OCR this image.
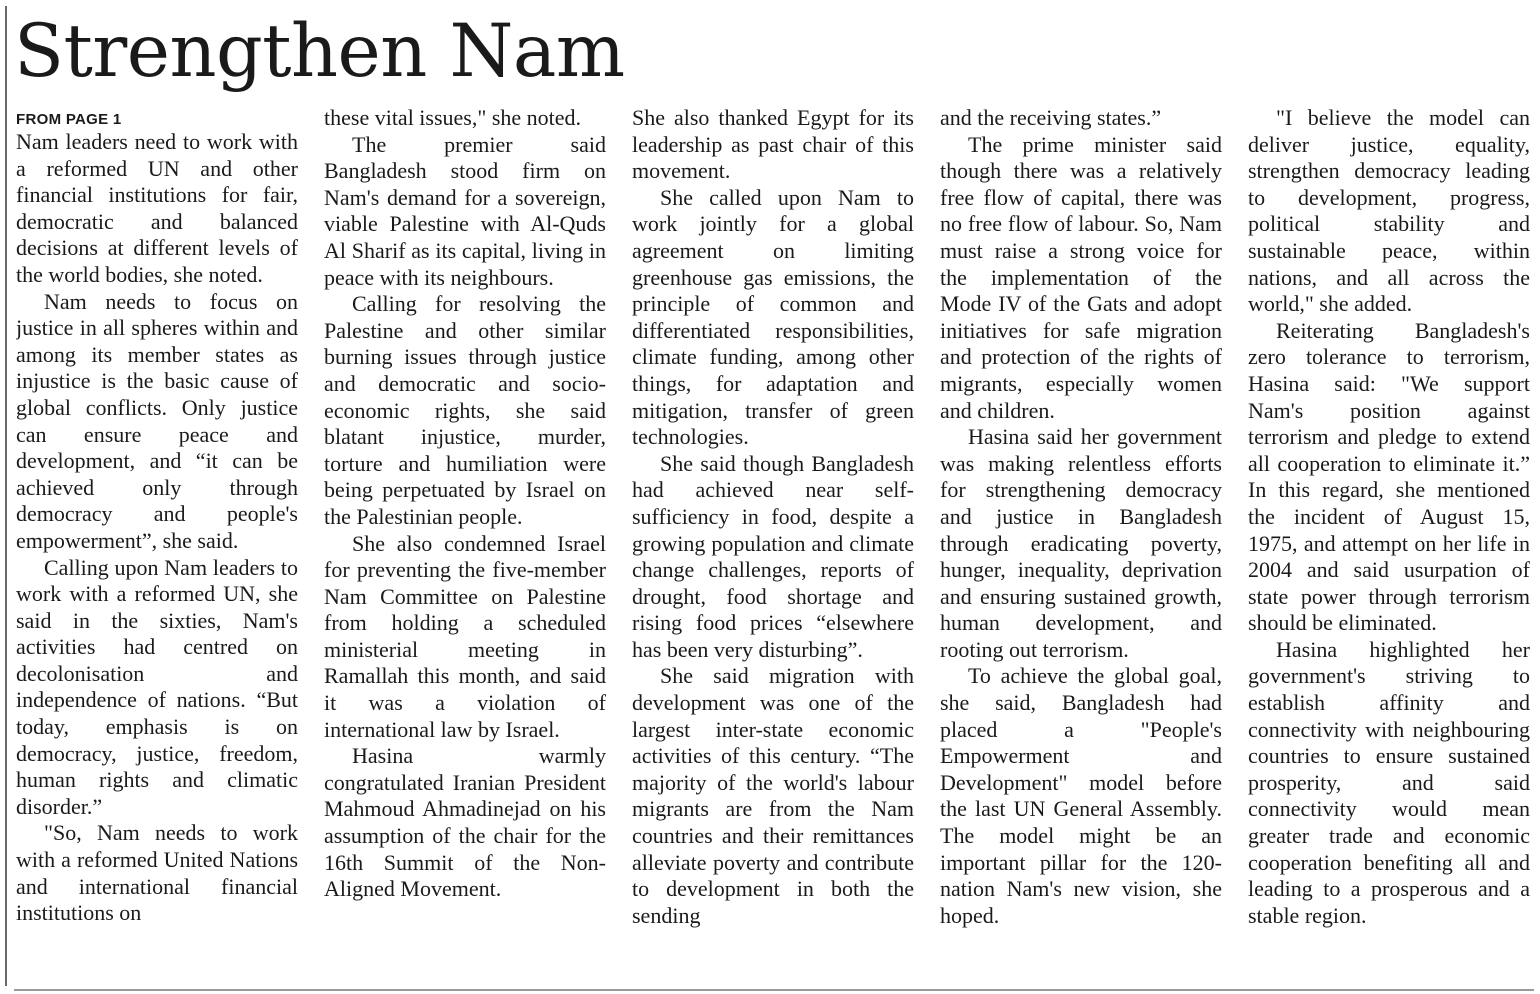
Strengthen Nam
FROM PAGE 1

Nam leaders need to work with a reformed UN and other financial institutions for fair, democratic and balanced decisions at different levels of the world bodies, she noted.

Nam needs to focus on justice in all spheres within and among its member states as injustice is the basic cause of global conflicts. Only justice can ensure peace and development, and “it can be achieved only through democracy and people's empowerment”, she said.

Calling upon Nam leaders to work with a reformed UN, she said in the sixties, Nam's activities had centred on decolonisation and independence of nations. “But today, emphasis is on democracy, justice, freedom, human rights and climatic disorder.”

"So, Nam needs to work with a reformed United Nations and international financial institutions on

these vital issues," she noted.

The premier said Bangladesh stood firm on Nam's demand for a sovereign, viable Palestine with Al-Quds Al Sharif as its capital, living in peace with its neighbours.

Calling for resolving the Palestine and other similar burning issues through justice and democratic and socio-economic rights, she said blatant injustice, murder, torture and humiliation were being perpetuated by Israel on the Palestinian people.

She also condemned Israel for preventing the five-member Nam Committee on Palestine from holding a scheduled ministerial meeting in Ramallah this month, and said it was a violation of international law by Israel.

Hasina warmly congratulated Iranian President Mahmoud Ahmadinejad on his assumption of the chair for the 16th Summit of the Non-Aligned Movement.

She also thanked Egypt for its leadership as past chair of this movement.

She called upon Nam to work jointly for a global agreement on limiting greenhouse gas emissions, the principle of common and differentiated responsibilities, climate funding, among other things, for adaptation and mitigation, transfer of green technologies.

She said though Bangladesh had achieved near self-sufficiency in food, despite a growing population and climate change challenges, reports of drought, food shortage and rising food prices “elsewhere has been very disturbing”.

She said migration with development was one of the largest inter-state economic activities of this century. “The majority of the world's labour migrants are from the Nam countries and their remittances alleviate poverty and contribute to development in both the sending

and the receiving states.”

The prime minister said though there was a relatively free flow of capital, there was no free flow of labour. So, Nam must raise a strong voice for the implementation of the Mode IV of the Gats and adopt initiatives for safe migration and protection of the rights of migrants, especially women and children.

Hasina said her government was making relentless efforts for strengthening democracy and justice in Bangladesh through eradicating poverty, hunger, inequality, deprivation and ensuring sustained growth, human development, and rooting out terrorism.

To achieve the global goal, she said, Bangladesh had placed a "People's Empowerment and Development" model before the last UN General Assembly. The model might be an important pillar for the 120-nation Nam's new vision, she hoped.

"I believe the model can deliver justice, equality, strengthen democracy leading to development, progress, political stability and sustainable peace, within nations, and all across the world," she added.

Reiterating Bangladesh's zero tolerance to terrorism, Hasina said: "We support Nam's position against terrorism and pledge to extend all cooperation to eliminate it.” In this regard, she mentioned the incident of August 15, 1975, and attempt on her life in 2004 and said usurpation of state power through terrorism should be eliminated.

Hasina highlighted her government's striving to establish affinity and connectivity with neighbouring countries to ensure sustained prosperity, and said connectivity would mean greater trade and economic cooperation benefiting all and leading to a prosperous and a stable region.
